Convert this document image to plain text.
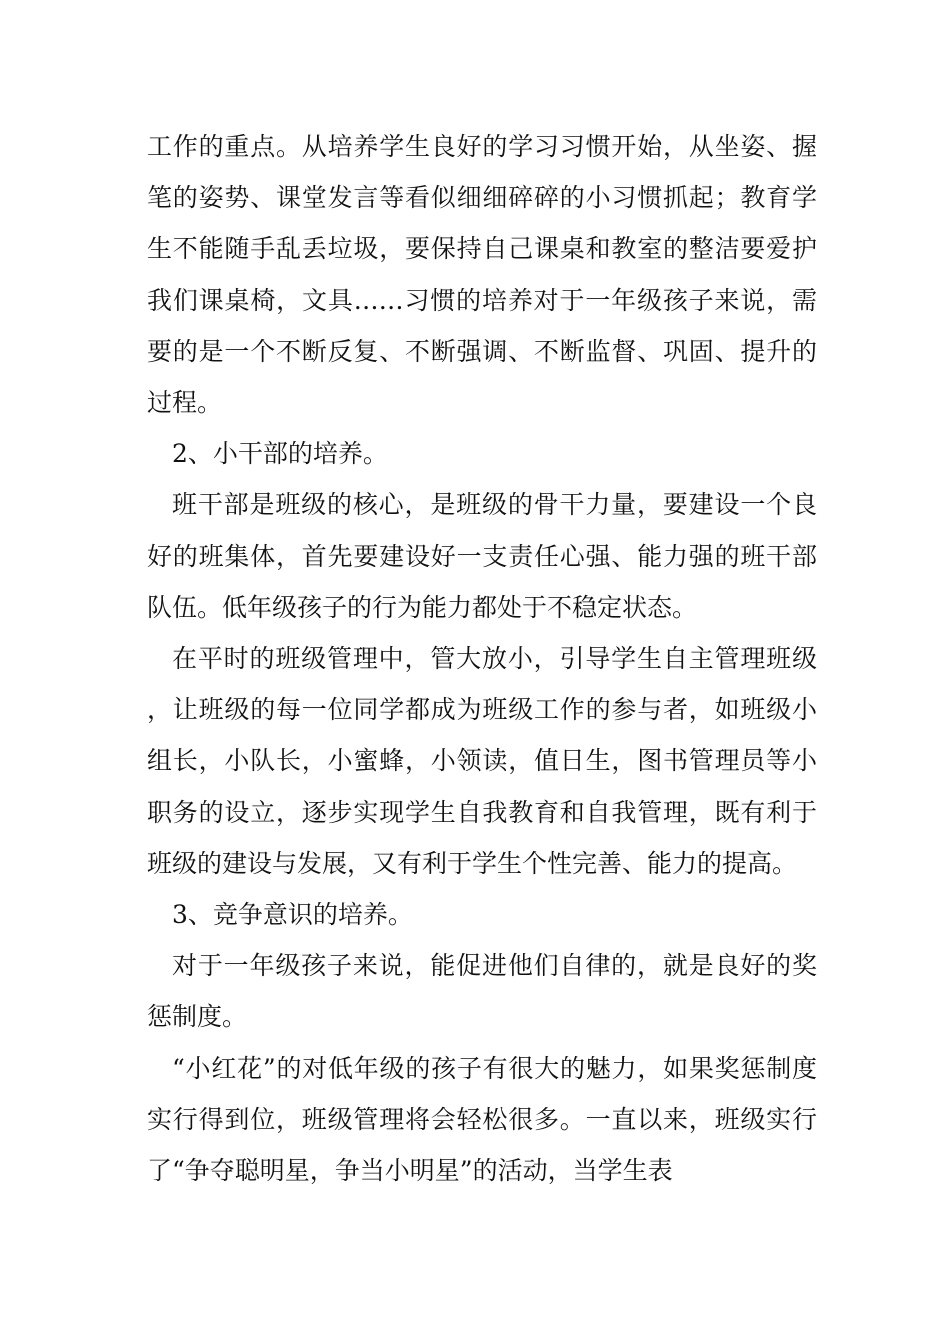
工作的重点。从培养学生良好的学习习惯开始，从坐姿、握笔的姿势、课堂发言等看似细细碎碎的小习惯抓起；教育学生不能随手乱丢垃圾，要保持自己课桌和教室的整洁要爱护我们课桌椅，文具……习惯的培养对于一年级孩子来说，需要的是一个不断反复、不断强调、不断监督、巩固、提升的过程。

2、小干部的培养。

班干部是班级的核心，是班级的骨干力量，要建设一个良好的班集体，首先要建设好一支责任心强、能力强的班干部队伍。低年级孩子的行为能力都处于不稳定状态。

在平时的班级管理中，管大放小，引导学生自主管理班级，让班级的每一位同学都成为班级工作的参与者，如班级小组长，小队长，小蜜蜂，小领读，值日生，图书管理员等小职务的设立，逐步实现学生自我教育和自我管理，既有利于班级的建设与发展，又有利于学生个性完善、能力的提高。

3、竞争意识的培养。

对于一年级孩子来说，能促进他们自律的，就是良好的奖惩制度。

“小红花”的对低年级的孩子有很大的魅力，如果奖惩制度实行得到位，班级管理将会轻松很多。一直以来，班级实行了“争夺聪明星，争当小明星”的活动，当学生表
